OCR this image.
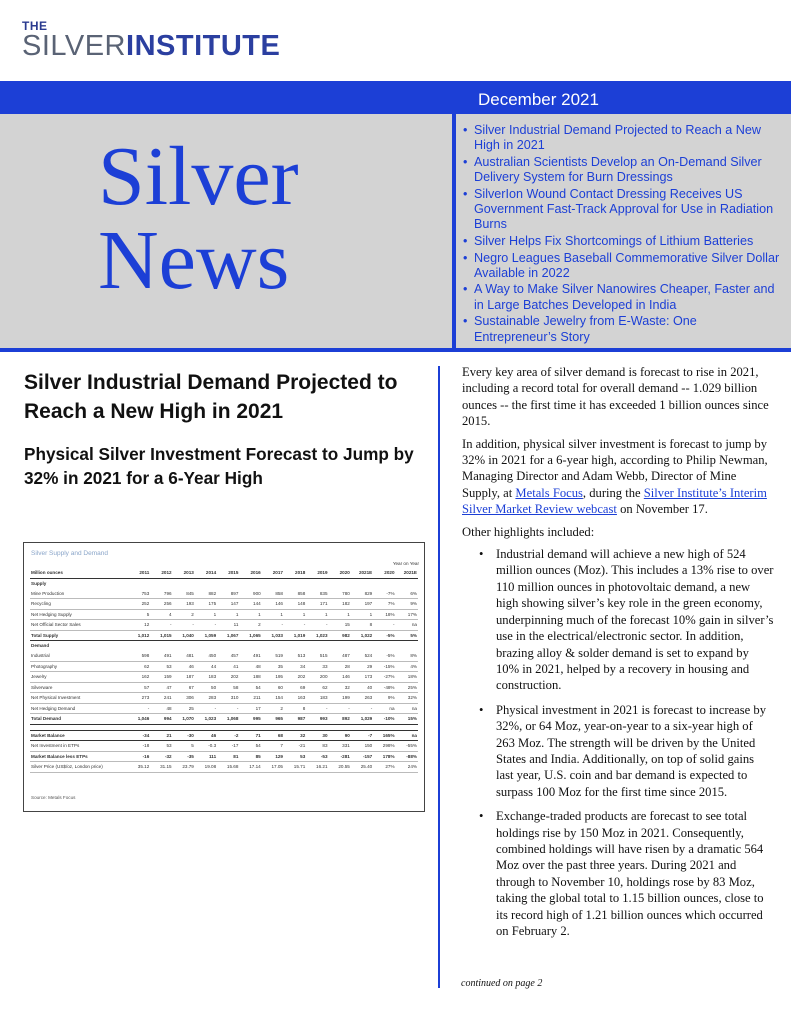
THE
SILVERINSTITUTE
December 2021
Silver
News
• Silver Industrial Demand Projected to Reach a New High in 2021
• Australian Scientists Develop an On-Demand Silver Delivery System for Burn Dressings
• SilverIon Wound Contact Dressing Receives US Government Fast-Track Approval for Use in Radiation Burns
• Silver Helps Fix Shortcomings of Lithium Batteries
• Negro Leagues Baseball Commemorative Silver Dollar Available in 2022
• A Way to Make Silver Nanowires Cheaper, Faster and in Large Batches Developed in India
• Sustainable Jewelry from E-Waste: One Entrepreneur’s Story
Silver Industrial Demand Projected to Reach a New High in 2021
Physical Silver Investment Forecast to Jump by 32% in 2021 for a 6-Year High
Silver Supply and Demand
Year on Year
Million ounces	2011	2012	2013	2014	2015	2016	2017	2018	2019	2020	2021E	2020	2021E
Supply													
Mine Production	753	796	845	882	897	900	858	858	835	780	829	-7%	6%
Recycling	252	256	193	175	147	144	146	148	171	182	197	7%	9%
Net Hedging Supply	5	4	2	1	1	1	1	1	1	1	1	18%	17%
Net Official Sector Sales	12	-	-	-	11	2	-	-	-	15	8	-	na
Total Supply	1,012	1,015	1,040	1,059	1,067	1,065	1,033	1,019	1,023	982	1,022	-5%	5%
Demand													
Industrial	598	491	481	450	457	491	519	513	515	487	524	-5%	8%
Photography	62	53	46	44	41	48	35	34	33	28	29	-15%	4%
Jewelry	162	159	187	183	202	188	195	202	200	146	173	-27%	18%
Silverware	57	47	67	50	58	54	60	69	62	32	40	-48%	25%
Net Physical Investment	273	241	306	283	310	211	154	163	183	199	263	9%	32%
Net Hedging Demand	-	48	25	-	-	17	2	8	-	-	-	na	na
Total Demand	1,046	994	1,070	1,023	1,068	995	965	987	993	892	1,029	-10%	15%

Market Balance	-34	21	-30	46	-2	71	68	32	30	90	-7	165%	na
Net Investment in ETPs	-18	53	5	-0.3	-17	54	7	-21	83	331	150	298%	-55%
Market Balance less ETPs	-16	-32	-35	111	81	85	129	53	-53	-281	-157	178%	-88%
Silver Price (US$/oz, London price)	35.12	31.15	23.79	19.08	15.68	17.14	17.05	15.71	16.21	20.55	25.40	27%	24%
Source: Metals Focus

Every key area of silver demand is forecast to rise in 2021, including a record total for overall demand -- 1.029 billion ounces -- the first time it has exceeded 1 billion ounces since 2015.

In addition, physical silver investment is forecast to jump by 32% in 2021 for a 6-year high, according to Philip Newman, Managing Director and Adam Webb, Director of Mine Supply, at Metals Focus, during the Silver Institute’s Interim Silver Market Review webcast on November 17.

Other highlights included:

• Industrial demand will achieve a new high of 524 million ounces (Moz). This includes a 13% rise to over 110 million ounces in photovoltaic demand, a new high showing silver’s key role in the green economy, underpinning much of the forecast 10% gain in silver’s use in the electrical/electronic sector. In addition, brazing alloy & solder demand is set to expand by 10% in 2021, helped by a recovery in housing and construction.
• Physical investment in 2021 is forecast to increase by 32%, or 64 Moz, year-on-year to a six-year high of 263 Moz. The strength will be driven by the United States and India. Additionally, on top of solid gains last year, U.S. coin and bar demand is expected to surpass 100 Moz for the first time since 2015.
• Exchange-traded products are forecast to see total holdings rise by 150 Moz in 2021. Consequently, combined holdings will have risen by a dramatic 564 Moz over the past three years. During 2021 and through to November 10, holdings rose by 83 Moz, taking the global total to 1.15 billion ounces, close to its record high of 1.21 billion ounces which occurred on February 2.
continued on page 2
